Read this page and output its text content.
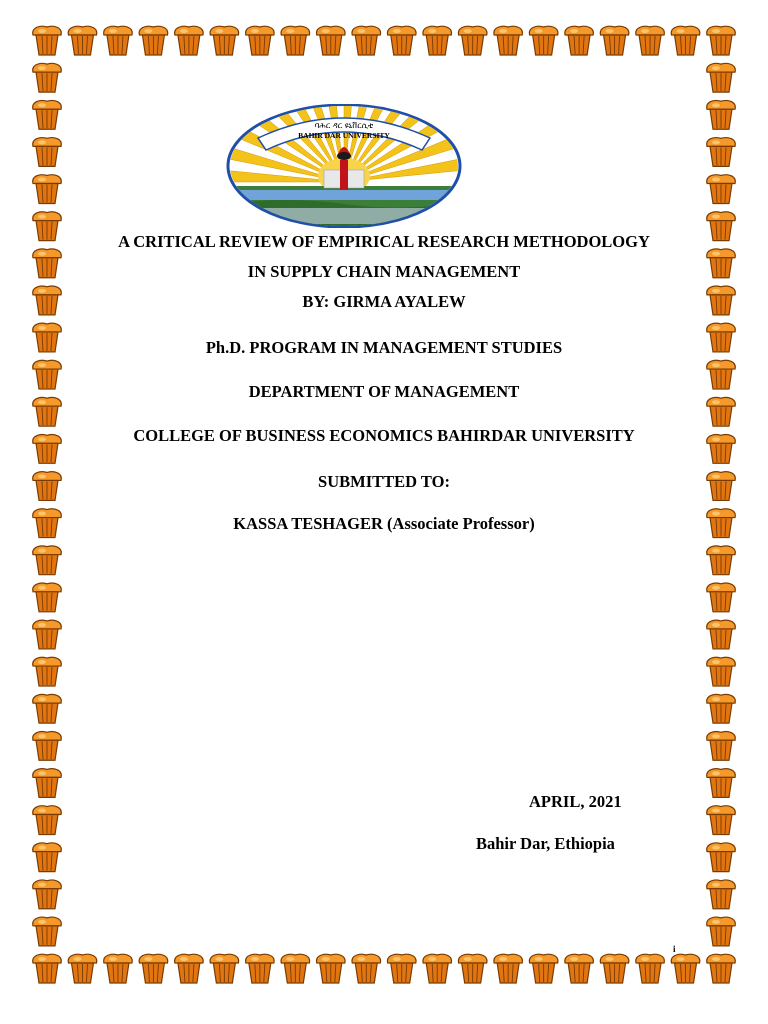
ባሕር ዳር ዩኒቨርሲቲ
BAHIR DAR UNIVERSITY
A CRITICAL REVIEW OF EMPIRICAL RESEARCH METHODOLOGY
IN SUPPLY CHAIN MANAGEMENT
BY: GIRMA AYALEW
Ph.D. PROGRAM IN MANAGEMENT STUDIES
DEPARTMENT OF MANAGEMENT
COLLEGE OF BUSINESS ECONOMICS BAHIRDAR UNIVERSITY
SUBMITTED TO:
KASSA TESHAGER (Associate Professor)
APRIL, 2021
Bahir Dar, Ethiopia
i
